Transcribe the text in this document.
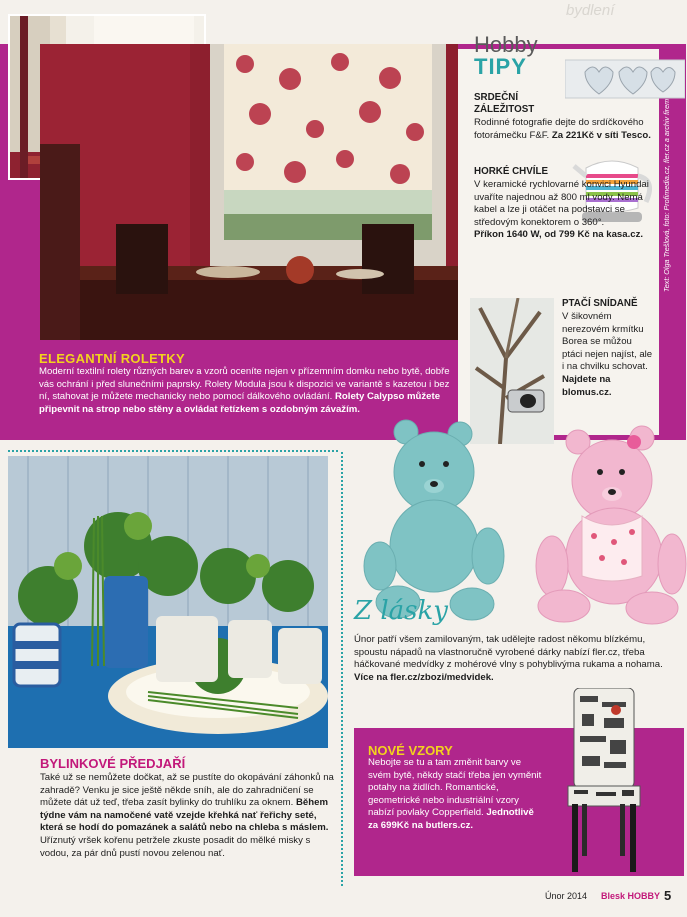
bydlení
ELEGANTNÍ ROLETKY
Moderní textilní rolety různých barev a vzorů oceníte nejen v přízemním domku nebo bytě, dobře vás ochrání i před slunečními paprsky. Rolety Modula jsou k dispozici ve variantě s kazetou i bez ní, stahovat je můžete mechanicky nebo pomocí dálkového ovládání. Rolety Calypso můžete připevnit na strop nebo stěny a ovládat řetízkem s ozdobným závažím.
Hobby
TIPY
SRDEČNÍ
ZÁLEŽITOST
Rodinné fotografie dejte do srdíčkového fotorámečku F&F. Za 221Kč v síti Tesco.
HORKÉ CHVÍLE
V keramické rychlovarné konvici Hyundai uvaříte najednou až 800 ml vody. Nemá kabel a lze ji otáčet na podstavci se středovým konektorem o 360°.
Příkon 1640 W, od 799 Kč na kasa.cz.
PTAČÍ SNÍDANĚ
V šikovném nerezovém krmítku Borea se můžou ptáci nejen najíst, ale i na chvilku schovat. Najdete na blomus.cz.
Text: Olga Trešlová, foto: Profimedia.cz, fler.cz a archiv firem
BYLINKOVÉ PŘEDJAŘÍ
Také už se nemůžete dočkat, až se pustíte do okopávání záhonků na zahradě? Venku je sice ještě někde sníh, ale do zahradničení se můžete dát už teď, třeba zasít bylinky do truhlíku za oknem. Během týdne vám na namočené vatě vzejde křehká nať řeřichy seté, která se hodí do pomazánek a salátů nebo na chleba s máslem. Uříznutý vršek kořenu petržele zkuste posadit do mělké misky s vodou, za pár dnů pustí novou zelenou nať.
Z lásky
Únor patří všem zamilovaným, tak udělejte radost někomu blízkému, spoustu nápadů na vlastnoručně vyrobené dárky nabízí fler.cz, třeba háčkované medvídky z mohérové vlny s pohyblivýma rukama a nohama. Více na fler.cz/zbozi/medvidek.
NOVÉ VZORY
Nebojte se tu a tam změnit barvy ve svém bytě, někdy stačí třeba jen vyměnit potahy na židlích. Romantické, geometrické nebo industriální vzory nabízí povlaky Copperfield. Jednotlivě za 699Kč na butlers.cz.
Únor 2014 Blesk HOBBY 5
